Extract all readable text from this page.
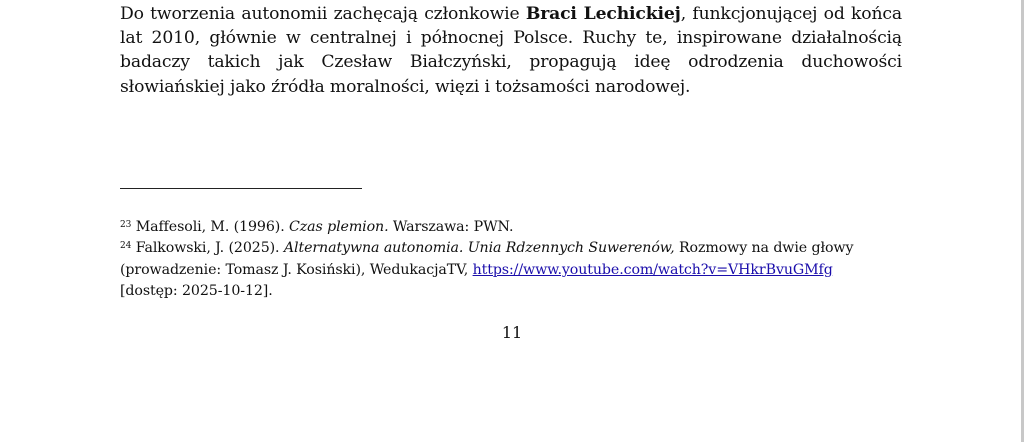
Do tworzenia autonomii zachęcają członkowie Braci Lechickiej, funkcjonującej od końca lat 2010, głównie w centralnej i północnej Polsce. Ruchy te, inspirowane działalnością badaczy takich jak Czesław Białczyński, propagują ideę odrodzenia duchowości słowiańskiej jako źródła moralności, więzi i tożsamości narodowej.

$^{23}$ Maffesoli, M. (1996). Czas plemion. Warszawa: PWN.
$^{24}$ Falkowski, J. (2025). Alternatywna autonomia. Unia Rdzennych Suwerenów, Rozmowy na dwie głowy (prowadzenie: Tomasz J. Kosiński), WedukacjaTV, https://www.youtube.com/watch?v=VHkrBvuGMfg
[dostęp: 2025-10-12].
11
